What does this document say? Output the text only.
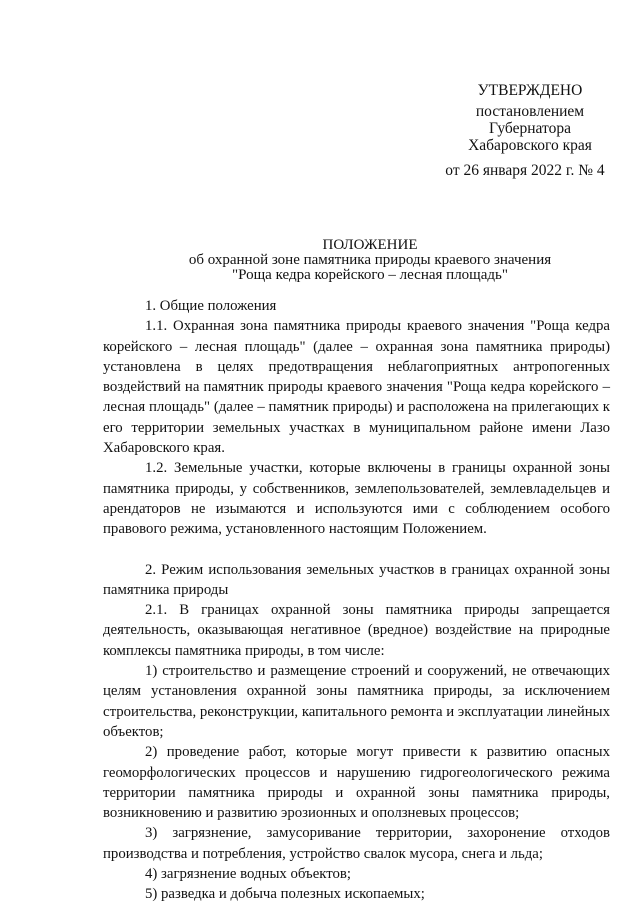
УТВЕРЖДЕНО
постановлением
Губернатора
Хабаровского края
от 26 января 2022 г. № 4
ПОЛОЖЕНИЕ
об охранной зоне памятника природы краевого значения
"Роща кедра корейского – лесная площадь"

1. Общие положения

1.1. Охранная зона памятника природы краевого значения "Роща кедра корейского – лесная площадь" (далее – охранная зона памятника природы) установлена в целях предотвращения неблагоприятных антропогенных воздействий на памятник природы краевого значения "Роща кедра корейского – лесная площадь" (далее – памятник природы) и расположена на прилегающих к его территории земельных участках в муниципальном районе имени Лазо Хабаровского края.

1.2. Земельные участки, которые включены в границы охранной зоны памятника природы, у собственников, землепользователей, землевладельцев и арендаторов не изымаются и используются ими с соблюдением особого правового режима, установленного настоящим Положением.

2. Режим использования земельных участков в границах охранной зоны памятника природы

2.1. В границах охранной зоны памятника природы запрещается деятельность, оказывающая негативное (вредное) воздействие на природные комплексы памятника природы, в том числе:

1) строительство и размещение строений и сооружений, не отвечающих целям установления охранной зоны памятника природы, за исключением строительства, реконструкции, капитального ремонта и эксплуатации линейных объектов;

2) проведение работ, которые могут привести к развитию опасных геоморфологических процессов и нарушению гидрогеологического режима территории памятника природы и охранной зоны памятника природы, возникновению и развитию эрозионных и оползневых процессов;

3) загрязнение, замусоривание территории, захоронение отходов производства и потребления, устройство свалок мусора, снега и льда;

4) загрязнение водных объектов;

5) разведка и добыча полезных ископаемых;
